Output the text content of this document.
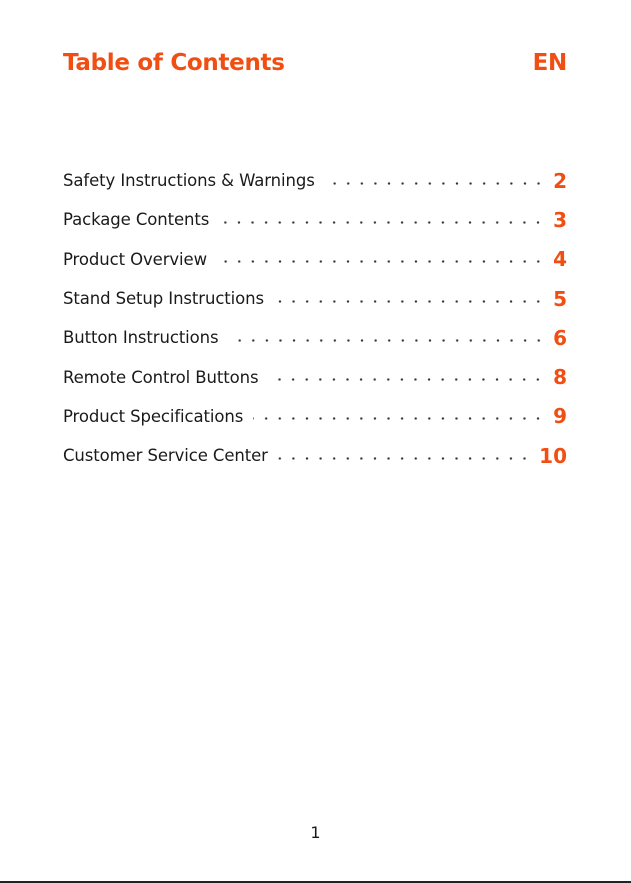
Table of Contents	EN
Safety Instructions & Warnings	2
Package Contents	3
Product Overview	4
Stand Setup Instructions	5
Button Instructions	6
Remote Control Buttons	8
Product Specifications	9
Customer Service Center	10
1
